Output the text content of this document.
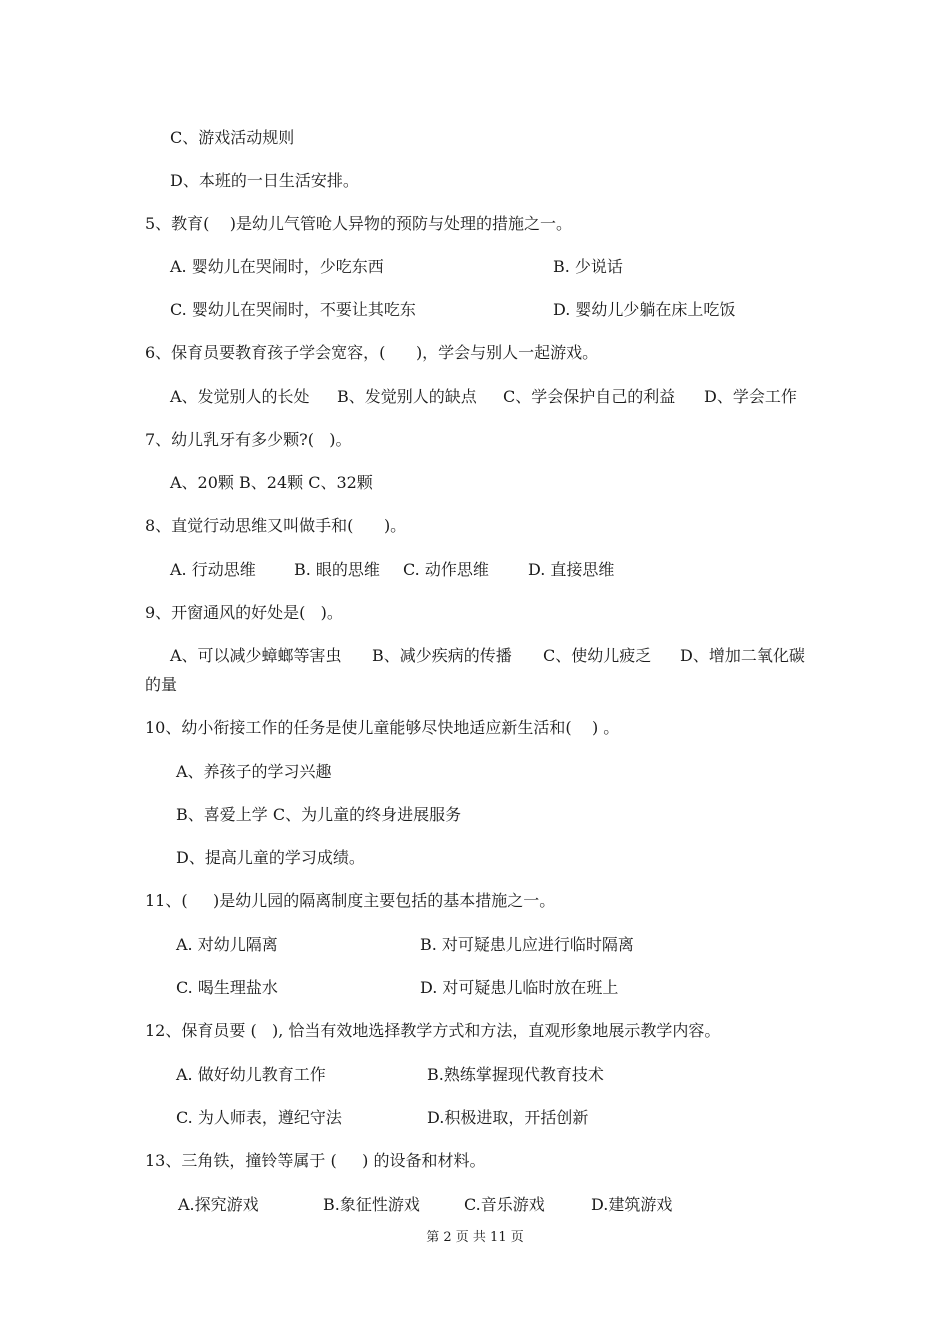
C、游戏活动规则
D、本班的一日生活安排。
5、教育(    )是幼儿气管呛人异物的预防与处理的措施之一。
A. 婴幼儿在哭闹时，少吃东西	B. 少说话
C. 婴幼儿在哭闹时，不要让其吃东	D. 婴幼儿少躺在床上吃饭
6、保育员要教育孩子学会宽容，(      )，学会与别人一起游戏。
A、发觉别人的长处 B、发觉别人的缺点 C、学会保护自己的利益 D、学会工作
7、幼儿乳牙有多少颗?(   )。
A、20颗 B、24颗 C、32颗
8、直觉行动思维又叫做手和(      )。
A. 行动思维 B. 眼的思维 C. 动作思维 D. 直接思维
9、开窗通风的好处是(   )。
A、可以减少蟑螂等害虫 B、减少疾病的传播 C、使幼儿疲乏 D、增加二氧化碳
的量
10、幼小衔接工作的任务是使儿童能够尽快地适应新生活和(    ) 。
A、养孩子的学习兴趣
B、喜爱上学 C、为儿童的终身进展服务
D、提高儿童的学习成绩。
11、(     )是幼儿园的隔离制度主要包括的基本措施之一。
A. 对幼儿隔离	B. 对可疑患儿应进行临时隔离
C. 喝生理盐水	D. 对可疑患儿临时放在班上
12、保育员要 (   ), 恰当有效地选择教学方式和方法，直观形象地展示教学内容。
A. 做好幼儿教育工作	B.熟练掌握现代教育技术
C. 为人师表，遵纪守法	D.积极进取，开括创新
13、三角铁，撞铃等属于 (     ) 的设备和材料。
A.探究游戏	B.象征性游戏	C.音乐游戏	D.建筑游戏
第 2 页 共 11 页
